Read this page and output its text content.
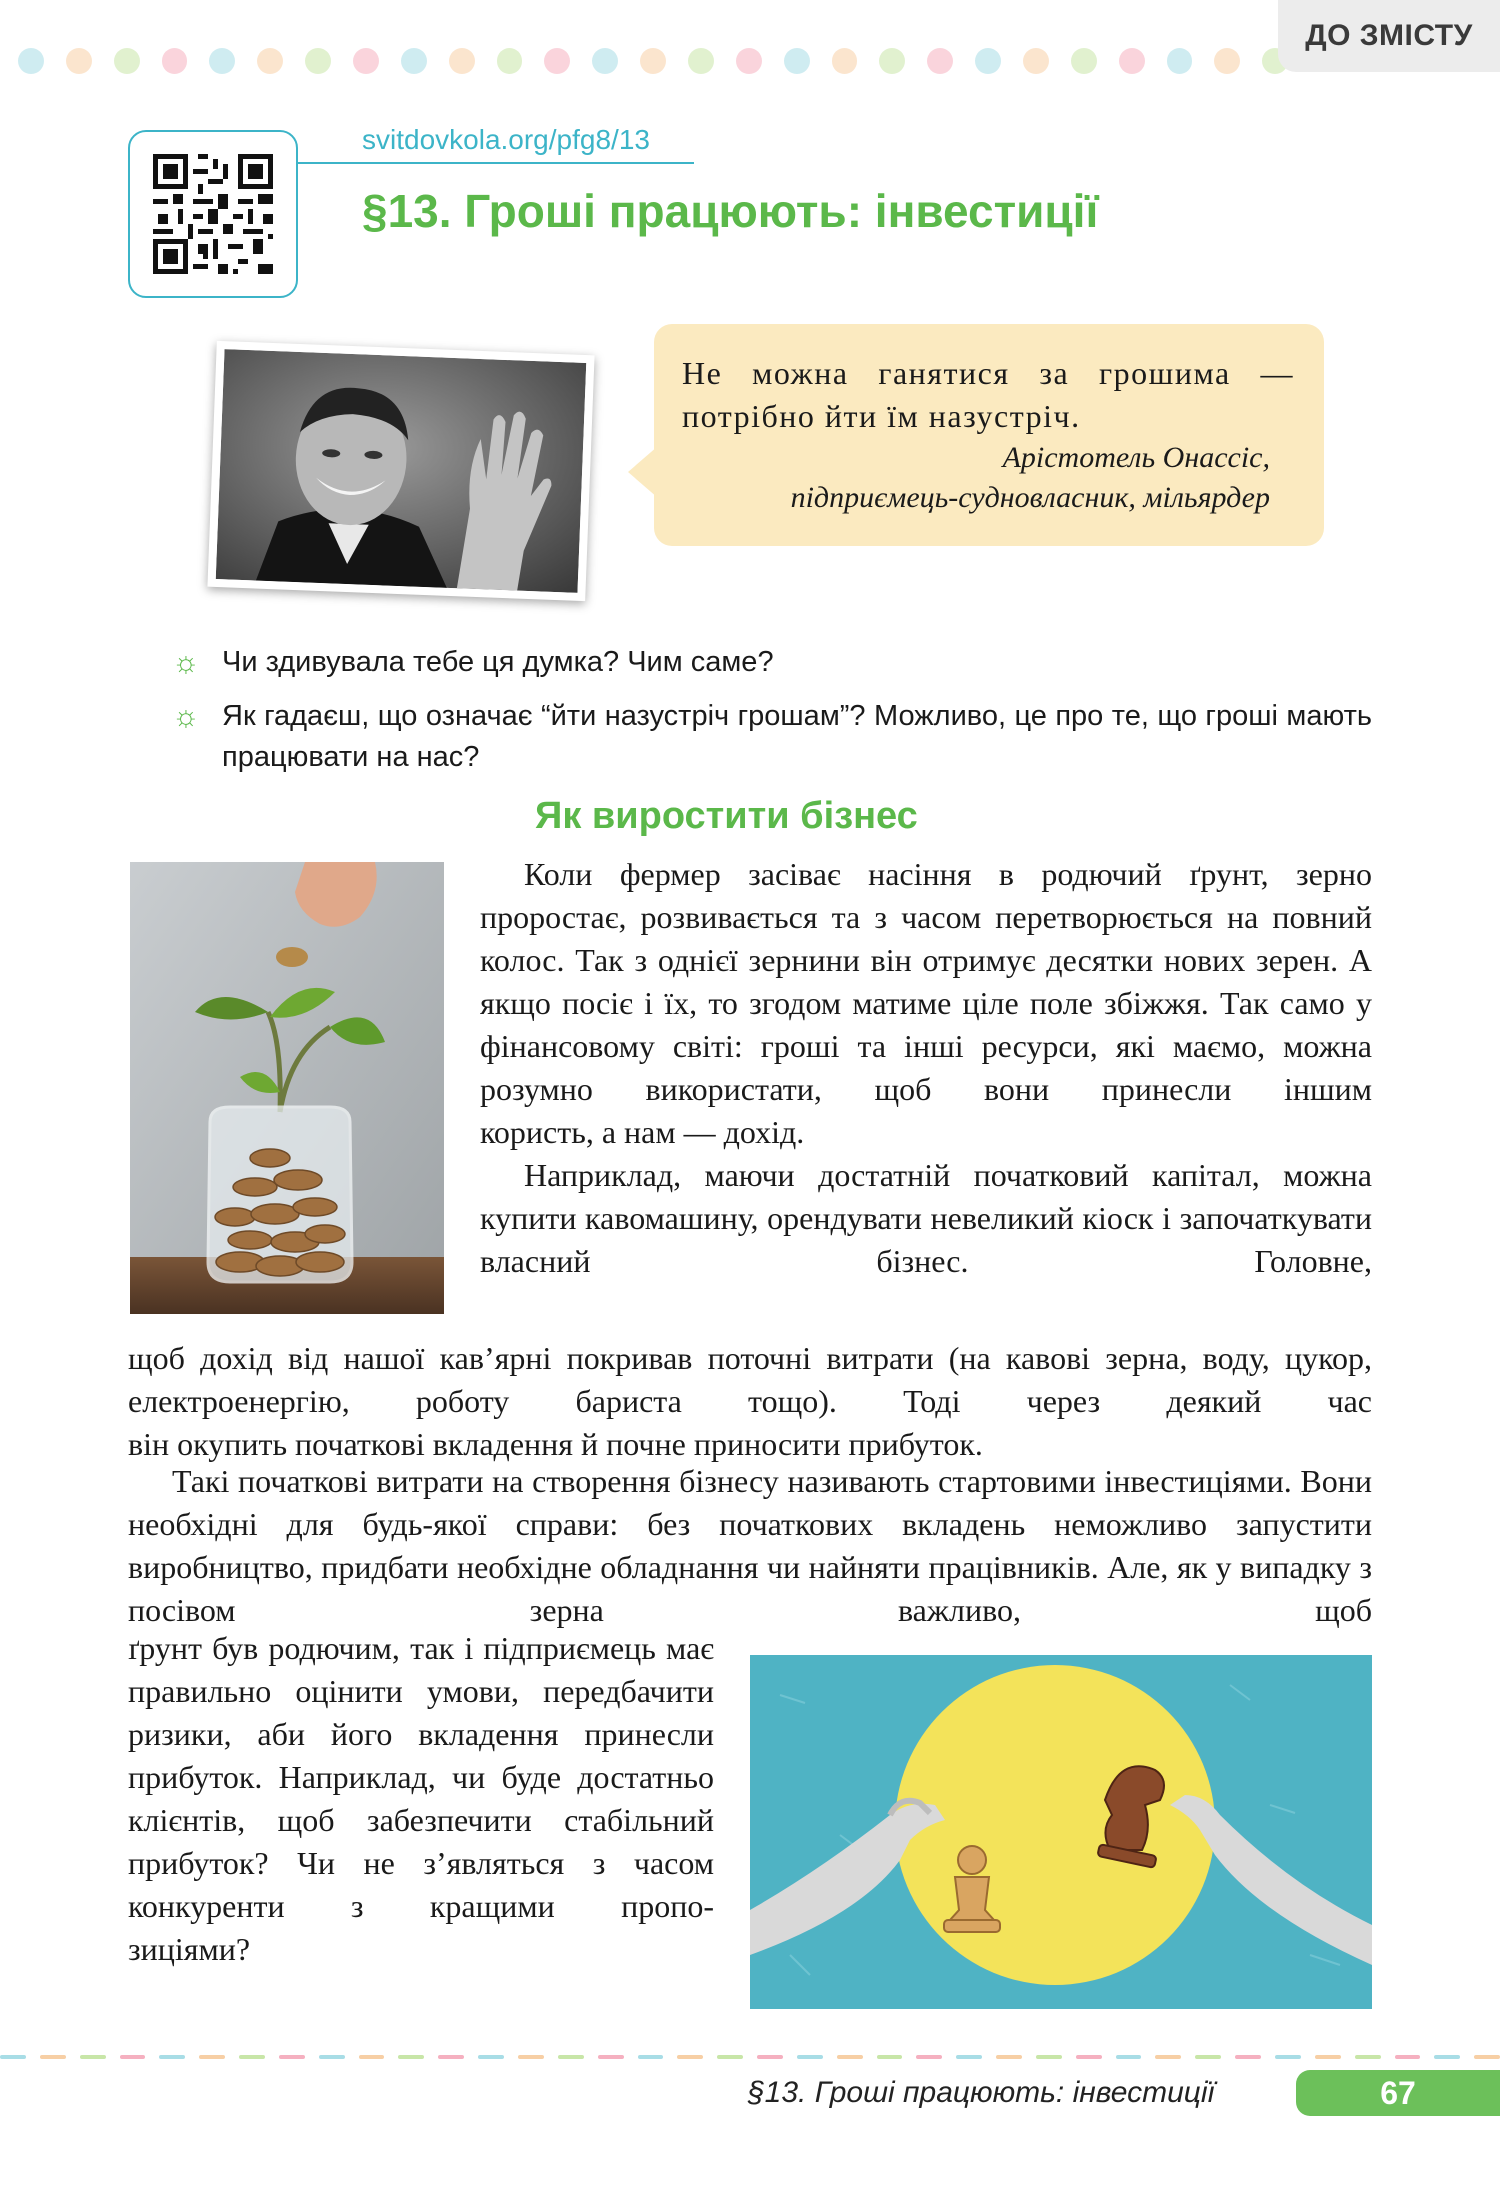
ДО ЗМІСТУ
svitdovkola.org/pfg8/13
§13. Гроші працюють: інвестиції
Не можна ганятися за грошима — потрібно йти їм назустріч.
Арістотель Онассіс,
підприємець-судновласник, мільярдер
☼ Чи здивувала тебе ця думка? Чим саме?
☼ Як гадаєш, що означає “йти назустріч грошам”? Можливо, це про те, що гроші мають працювати на нас?
Як виростити бізнес
Коли фермер засіває насіння в родючий ґрунт, зерно проростає, розвивається та з часом перетворюється на повний колос. Так з однієї зернини він отримує десятки нових зерен. А якщо посіє і їх, то згодом матиме ціле поле збіжжя. Так само у фінансовому світі: гроші та інші ресурси, які маємо, можна розумно використати, щоб вони принесли іншим
користь, а нам — дохід.
Наприклад, маючи достатній початковий капітал, можна купити кавомашину, орендувати невеликий кіоск і започаткувати власний бізнес. Головне,
щоб дохід від нашої кав’ярні покривав поточні витрати (на кавові зерна, воду, цукор, електроенергію, роботу бариста тощо). Тоді через деякий час
він окупить початкові вкладення й почне приносити прибуток.
Такі початкові витрати на створення бізнесу називають стартовими інвестиціями. Вони необхідні для будь-якої справи: без початкових вкладень неможливо запустити виробництво, придбати необхідне обладнання чи найняти працівників. Але, як у випадку з посівом зерна важливо, щоб
ґрунт був родючим, так і підприємець має правильно оцінити умови, передбачити ризики, аби його вкладення принесли прибуток. Наприклад, чи буде достатньо клієнтів, щоб забезпечити стабільний прибуток? Чи не з’являться з часом конкуренти з кращими пропо-
зиціями?
§13. Гроші працюють: інвестиції	67
